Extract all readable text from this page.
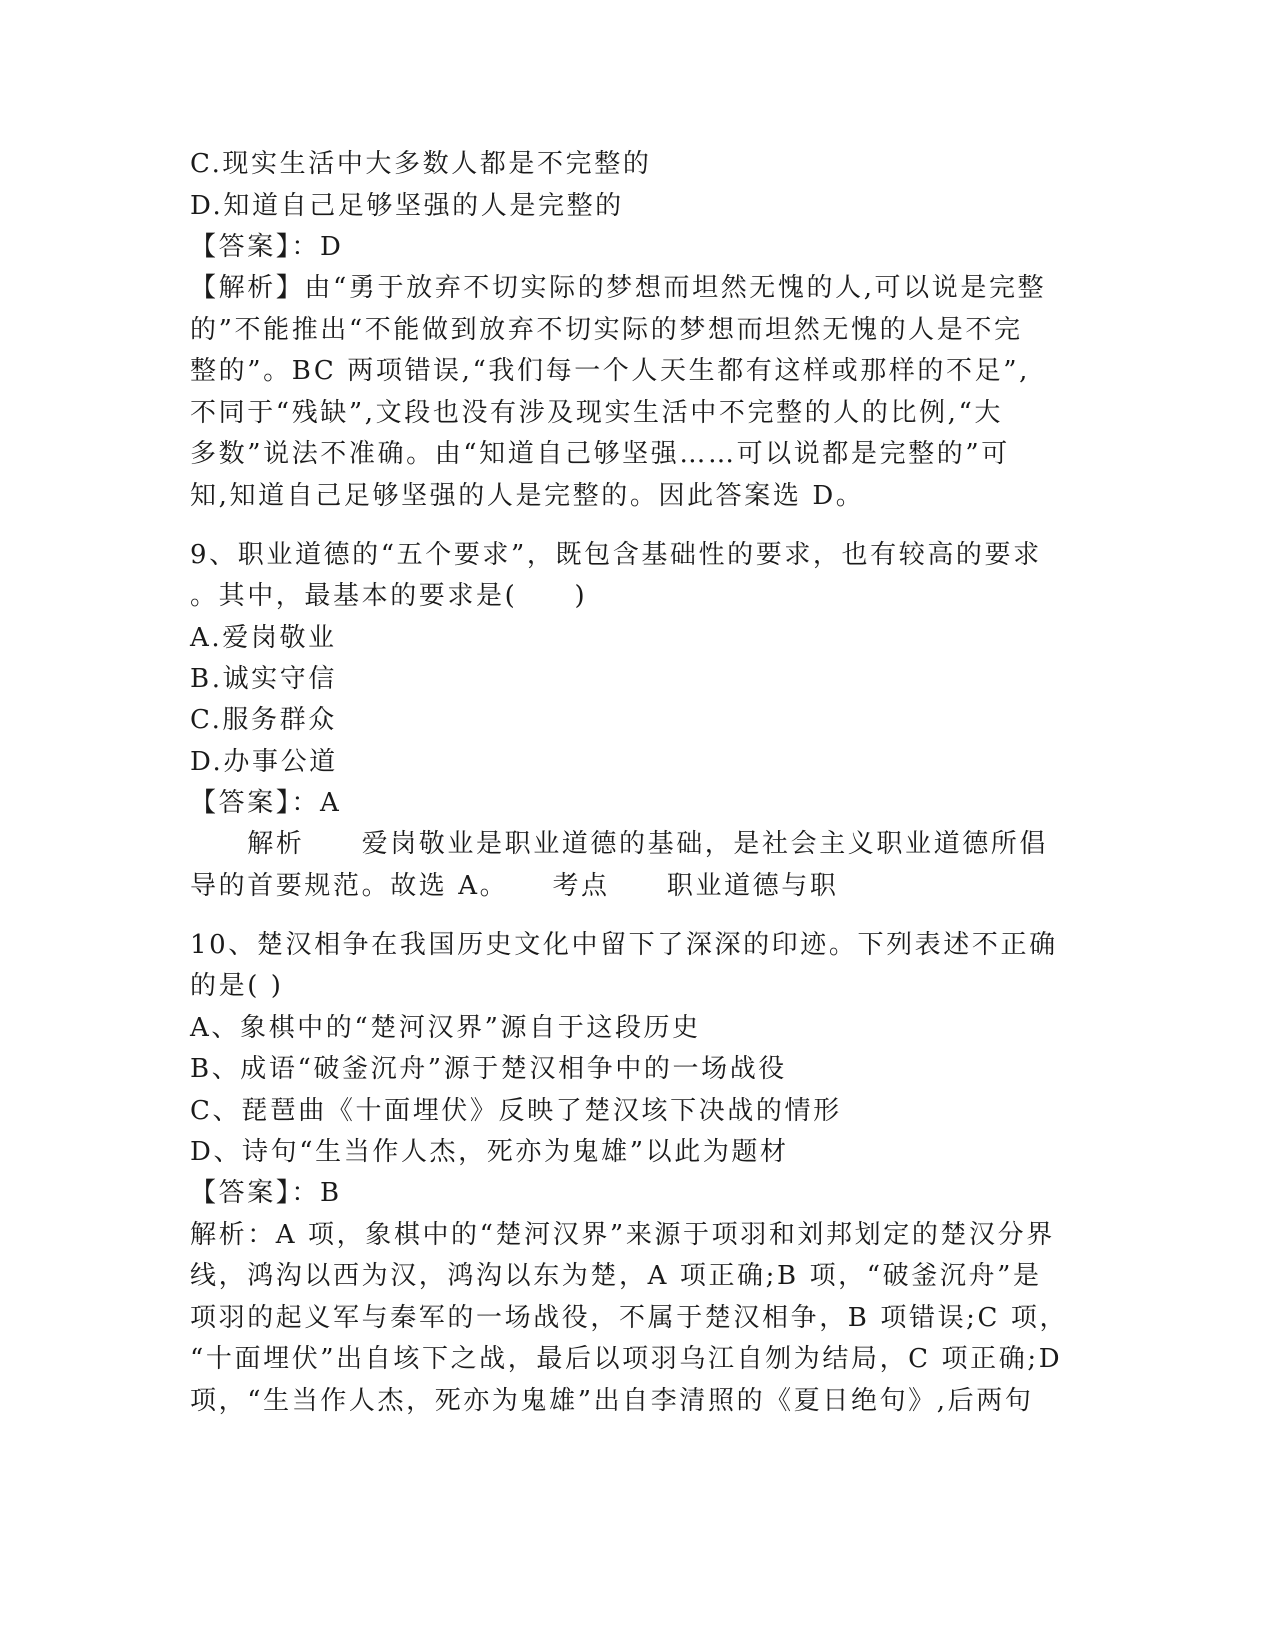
C.现实生活中大多数人都是不完整的
D.知道自己足够坚强的人是完整的
【答案】：D
【解析】由“勇于放弃不切实际的梦想而坦然无愧的人,可以说是完整
的”不能推出“不能做到放弃不切实际的梦想而坦然无愧的人是不完
整的”。BC 两项错误,“我们每一个人天生都有这样或那样的不足”,
不同于“残缺”,文段也没有涉及现实生活中不完整的人的比例,“大
多数”说法不准确。由“知道自己够坚强……可以说都是完整的”可
知,知道自己足够坚强的人是完整的。因此答案选 D。
9、职业道德的“五个要求”，既包含基础性的要求，也有较高的要求
。其中，最基本的要求是(　　)
A.爱岗敬业
B.诚实守信
C.服务群众
D.办事公道
【答案】：A
　　解析　　爱岗敬业是职业道德的基础，是社会主义职业道德所倡
导的首要规范。故选 A。　　考点　　职业道德与职
10、楚汉相争在我国历史文化中留下了深深的印迹。下列表述不正确
的是( )
A、象棋中的“楚河汉界”源自于这段历史
B、成语“破釜沉舟”源于楚汉相争中的一场战役
C、琵琶曲《十面埋伏》反映了楚汉垓下决战的情形
D、诗句“生当作人杰，死亦为鬼雄”以此为题材
【答案】：B
解析：A 项，象棋中的“楚河汉界”来源于项羽和刘邦划定的楚汉分界
线，鸿沟以西为汉，鸿沟以东为楚，A 项正确;B 项，“破釜沉舟”是
项羽的起义军与秦军的一场战役，不属于楚汉相争，B 项错误;C 项，
“十面埋伏”出自垓下之战，最后以项羽乌江自刎为结局，C 项正确;D
项，“生当作人杰，死亦为鬼雄”出自李清照的《夏日绝句》,后两句
